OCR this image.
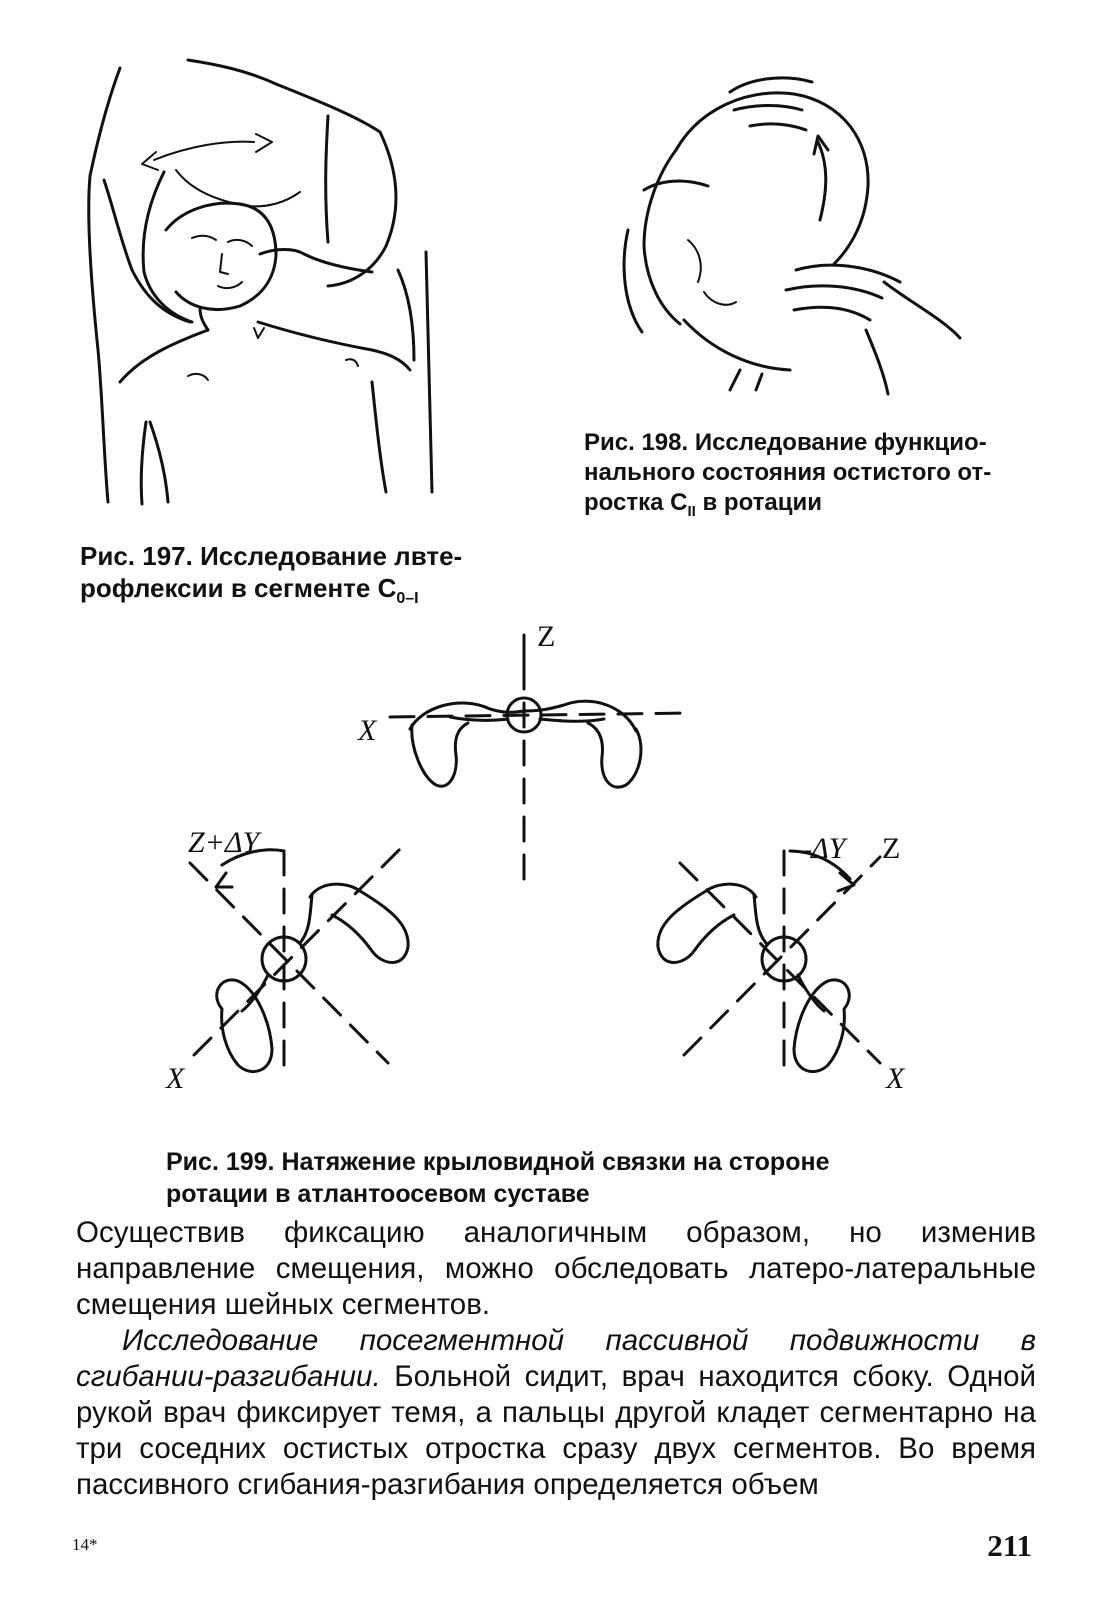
Рис. 197. Исследование лвте-
рофлексии в сегменте $C_{0-I}$

Рис. 198. Исследование функцио-
нального состояния остистого от-
ростка $C_{II}$ в ротации

Z
X
Z+ΔY
X
–ΔY Z
X

Рис. 199. Натяжение крыловидной связки на стороне
ротации в атлантоосевом суставе

Осуществив фиксацию аналогичным образом, но изменив направление смещения, можно обследовать латеро-латеральные смещения шейных сегментов.

Исследование посегментной пассивной подвижности в сгибании-разгибании. Больной сидит, врач находится сбоку. Одной рукой врач фиксирует темя, а пальцы другой кладет сегментарно на три соседних остистых отростка сразу двух сегментов. Во время пассивного сгибания-разгибания определяется объем

14*	211
